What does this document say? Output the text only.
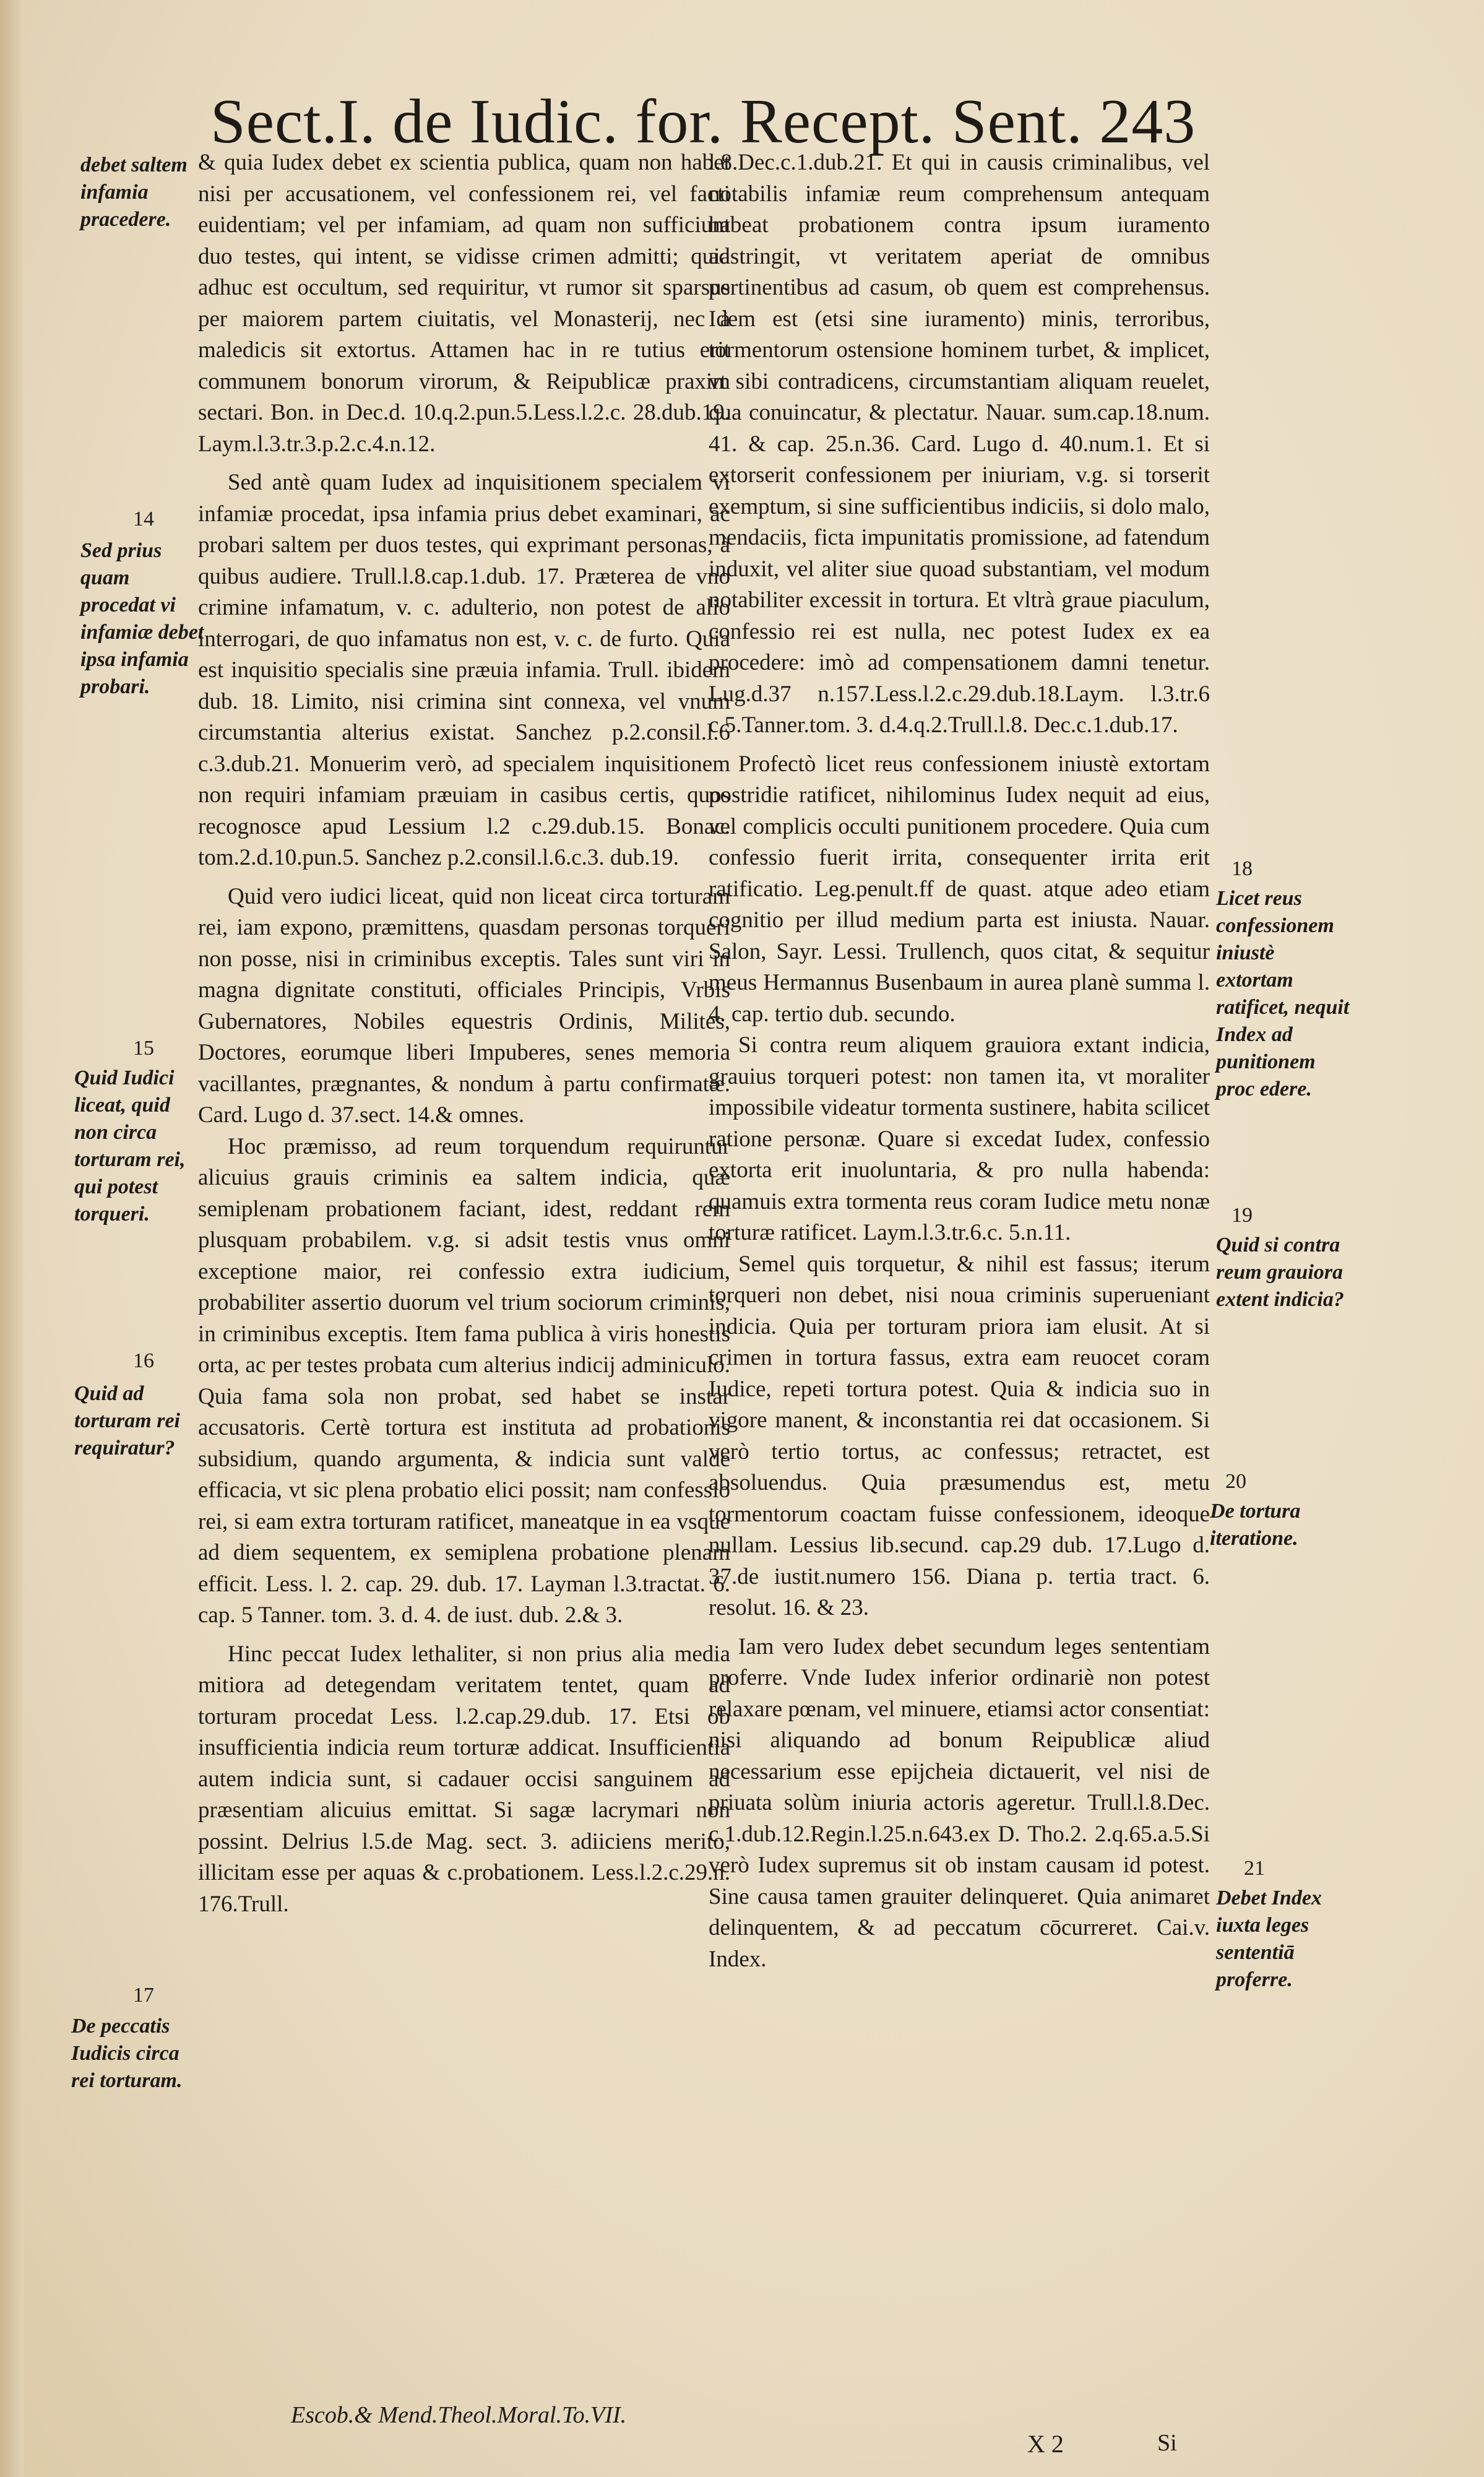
Sect.I. de Iudic. for. Recept. Sent. 243
debet saltem infamia pracedere.
14
Sed prius quam procedat vi infamiæ debet ipsa infamia probari.
15
Quid Iudici liceat, quid non circa torturam rei, qui potest torqueri.
16
Quid ad torturam rei requiratur?
17
De peccatis Iudicis circa rei torturam.
18
Licet reus confessionem iniustè extortam ratificet, nequit Index ad punitionem proc edere.
19
Quid si contra reum grauiora extent indicia?
20
De tortura iteratione.
21
Debet Index iuxta leges sententiā proferre.

& quia Iudex debet ex scientia publica, quam non habet nisi per accusationem, vel confessionem rei, vel facti euidentiam; vel per infamiam, ad quam non sufficiunt duo testes, qui intent, se vidisse crimen admitti; quia adhuc est occultum, sed requiritur, vt rumor sit sparsus per maiorem partem ciuitatis, vel Monasterij, nec à maledicis sit extortus. Attamen hac in re tutius erit communem bonorum virorum, & Reipublicæ praxim sectari. Bon. in Dec.d. 10.q.2.pun.5.Less.l.2.c. 28.dub.19. Laym.l.3.tr.3.p.2.c.4.n.12.

Sed antè quam Iudex ad inquisitionem specialem vi infamiæ procedat, ipsa infamia prius debet examinari, ac probari saltem per duos testes, qui exprimant personas, à quibus audiere. Trull.l.8.cap.1.dub. 17. Præterea de vno crimine infamatum, v. c. adulterio, non potest de alio interrogari, de quo infamatus non est, v. c. de furto. Quia est inquisitio specialis sine præuia infamia. Trull. ibidem dub. 18. Limito, nisi crimina sint connexa, vel vnum circumstantia alterius existat. Sanchez p.2.consil.l.6 c.3.dub.21. Monuerim verò, ad specialem inquisitionem non requiri infamiam præuiam in casibus certis, quos recognosce apud Lessium l.2 c.29.dub.15. Bonac. tom.2.d.10.pun.5. Sanchez p.2.consil.l.6.c.3. dub.19.

Quid vero iudici liceat, quid non liceat circa torturam rei, iam expono, præmittens, quasdam personas torqueri non posse, nisi in criminibus exceptis. Tales sunt viri in magna dignitate constituti, officiales Principis, Vrbis Gubernatores, Nobiles equestris Ordinis, Milites, Doctores, eorumque liberi Impuberes, senes memoria vacillantes, prægnantes, & nondum à partu confirmatæ. Card. Lugo d. 37.sect. 14.& omnes.

Hoc præmisso, ad reum torquendum requiruntur alicuius grauis criminis ea saltem indicia, quæ semiplenam probationem faciant, idest, reddant rem plusquam probabilem. v.g. si adsit testis vnus omni exceptione maior, rei confessio extra iudicium, probabiliter assertio duorum vel trium sociorum criminis, in criminibus exceptis. Item fama publica à viris honestis orta, ac per testes probata cum alterius indicij adminiculo. Quia fama sola non probat, sed habet se instar accusatoris. Certè tortura est instituta ad probationis subsidium, quando argumenta, & indicia sunt valde efficacia, vt sic plena probatio elici possit; nam confessio rei, si eam extra torturam ratificet, maneatque in ea vsque ad diem sequentem, ex semiplena probatione plenam efficit. Less. l. 2. cap. 29. dub. 17. Layman l.3.tractat. 6. cap. 5 Tanner. tom. 3. d. 4. de iust. dub. 2.& 3.

Hinc peccat Iudex lethaliter, si non prius alia media mitiora ad detegendam veritatem tentet, quam ad torturam procedat Less. l.2.cap.29.dub. 17. Etsi ob insufficientia indicia reum torturæ addicat. Insufficientia autem indicia sunt, si cadauer occisi sanguinem ad præsentiam alicuius emittat. Si sagæ lacrymari non possint. Delrius l.5.de Mag. sect. 3. adiiciens merito, illicitam esse per aquas & c.probationem. Less.l.2.c.29.n. 176.Trull.

l.8.Dec.c.1.dub.21. Et qui in causis criminalibus, vel notabilis infamiæ reum comprehensum antequam habeat probationem contra ipsum iuramento adstringit, vt veritatem aperiat de omnibus pertinentibus ad casum, ob quem est comprehensus. Idem est (etsi sine iuramento) minis, terroribus, tormentorum ostensione hominem turbet, & implicet, vt sibi contradicens, circumstantiam aliquam reuelet, qua conuincatur, & plectatur. Nauar. sum.cap.18.num. 41. & cap. 25.n.36. Card. Lugo d. 40.num.1. Et si extorserit confessionem per iniuriam, v.g. si torserit exemptum, si sine sufficientibus indiciis, si dolo malo, mendaciis, ficta impunitatis promissione, ad fatendum induxit, vel aliter siue quoad substantiam, vel modum notabiliter excessit in tortura. Et vltrà graue piaculum, confessio rei est nulla, nec potest Iudex ex ea procedere: imò ad compensationem damni tenetur. Lug.d.37 n.157.Less.l.2.c.29.dub.18.Laym. l.3.tr.6 c.5.Tanner.tom. 3. d.4.q.2.Trull.l.8. Dec.c.1.dub.17.

Profectò licet reus confessionem iniustè extortam postridie ratificet, nihilominus Iudex nequit ad eius, vel complicis occulti punitionem procedere. Quia cum confessio fuerit irrita, consequenter irrita erit ratificatio. Leg.penult.ff de quast. atque adeo etiam cognitio per illud medium parta est iniusta. Nauar. Salon, Sayr. Lessi. Trullench, quos citat, & sequitur meus Hermannus Busenbaum in aurea planè summa l. 4. cap. tertio dub. secundo.

Si contra reum aliquem grauiora extant indicia, grauius torqueri potest: non tamen ita, vt moraliter impossibile videatur tormenta sustinere, habita scilicet ratione personæ. Quare si excedat Iudex, confessio extorta erit inuoluntaria, & pro nulla habenda: quamuis extra tormenta reus coram Iudice metu nonæ torturæ ratificet. Laym.l.3.tr.6.c. 5.n.11.

Semel quis torquetur, & nihil est fassus; iterum torqueri non debet, nisi noua criminis superueniant indicia. Quia per torturam priora iam elusit. At si crimen in tortura fassus, extra eam reuocet coram Iudice, repeti tortura potest. Quia & indicia suo in vigore manent, & inconstantia rei dat occasionem. Si verò tertio tortus, ac confessus; retractet, est absoluendus. Quia præsumendus est, metu tormentorum coactam fuisse confessionem, ideoque nullam. Lessius lib.secund. cap.29 dub. 17.Lugo d. 37.de iustit.numero 156. Diana p. tertia tract. 6. resolut. 16. & 23.

Iam vero Iudex debet secundum leges sententiam proferre. Vnde Iudex inferior ordinariè non potest relaxare pœnam, vel minuere, etiamsi actor consentiat: nisi aliquando ad bonum Reipublicæ aliud necessarium esse epijcheia dictauerit, vel nisi de priuata solùm iniuria actoris ageretur. Trull.l.8.Dec. c.1.dub.12.Regin.l.25.n.643.ex D. Tho.2. 2.q.65.a.5.Si verò Iudex supremus sit ob instam causam id potest. Sine causa tamen grauiter delinqueret. Quia animaret delinquentem, & ad peccatum cōcurreret. Cai.v. Index.

Escob.& Mend.Theol.Moral.To.VII.
X 2	Si
